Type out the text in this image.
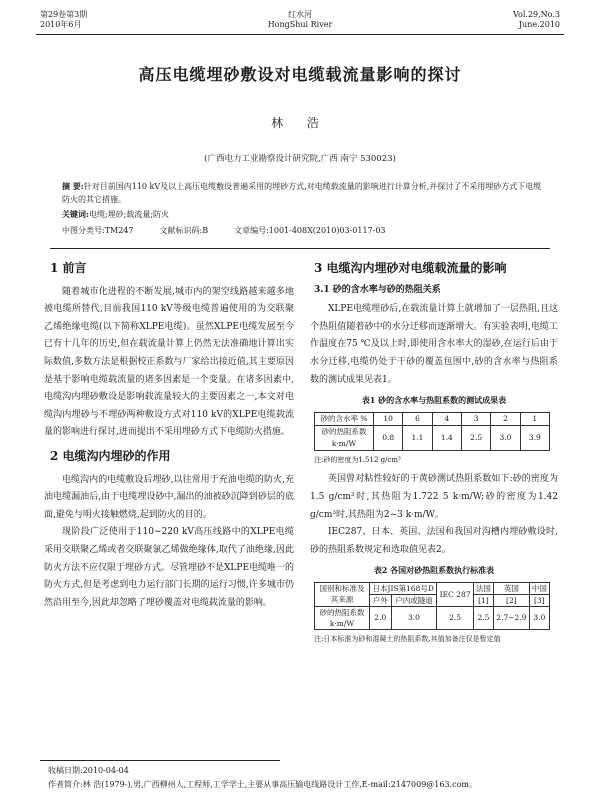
第29卷第3期
2010年6月
红水河
HongShui River
Vol.29,No.3
June.2010
高压电缆埋砂敷设对电缆载流量影响的探讨
林 浩
(广西电力工业勘察设计研究院,广西 南宁 530023)
摘 要:针对目前国内110 kV及以上高压电缆敷设普遍采用的埋砂方式,对电缆载流量的影响进行计算分析,并探讨了不采用埋砂方式下电缆防火的其它措施。
关键词:电缆;埋砂;载流量;防火
中图分类号:TM247	文献标识码:B	文章编号:1001-408X(2010)03-0117-03
1 前言

随着城市化进程的不断发展,城市内的架空线路越来越多地被电缆所替代,目前我国110 kV等级电缆普遍使用的为交联聚乙烯绝缘电缆(以下简称XLPE电缆)。虽然XLPE电缆发展至今已有十几年的历史,但在载流量计算上仍然无法准确地计算出实际数值,多数方法是根据校正系数与厂家给出接近值,其主要原因是基于影响电缆载流量的诸多因素是一个变量。在诸多因素中,电缆沟内埋砂敷设是影响载流量较大的主要因素之一,本文对电缆沟内埋砂与不埋砂两种敷设方式对110 kV的XLPE电缆载流量的影响进行探讨,进而提出不采用埋砂方式下电缆防火措施。

2 电缆沟内埋砂的作用

电缆沟内的电缆敷设后埋砂,以往常用于充油电缆的防火,充油电缆漏油后,由于电缆埋设砂中,漏出的油被砂沉降到砂层的底面,避免与明火接触燃烧,起到防火的目的。

现阶段广泛使用于110~220 kV高压线路中的XLPE电缆采用交联聚乙烯或者交联聚氯乙烯做绝缘体,取代了油绝缘,因此防火方法不应仅限于埋砂方式。尽管埋砂不是XLPE电缆唯一的防火方式,但是考虑到电力运行部门长期的运行习惯,许多城市仍然沿用至今,因此却忽略了埋砂覆盖对电缆载流量的影响。

3 电缆沟内埋砂对电缆载流量的影响
3.1 砂的含水率与砂的热阻关系

XLPE电缆埋砂后,在载流量计算上就增加了一层热阻,且这个热阻值随着砂中的水分迁移而逐渐增大。有实验表明,电缆工作温度在75 ℃及以上时,即使用含水率大的湿砂,在运行后由于水分迁移,电缆仍处于干砂的覆盖包围中,砂的含水率与热阻系数的测试成果见表1。

表1 砂的含水率与热阻系数的测试成果表
砂的含水率 %	10	6	4	3	2	1
砂的热阻系数 k·m/W	0.8	1.1	1.4	2.5	3.0	3.9
注:砂的密度为1.512 g/cm³

英国曾对粘性较好的干黄砂测试热阻系数如下:砂的密度为1.5 g/cm³时,其热阻为1.722 5 k·m/W;砂的密度为1.42 g/cm³时,其热阻为2~3 k·m/W。

IEC287、日本、英国、法国和我国对沟槽内埋砂敷设时,砂的热阻系数规定和选取值见表2。

表2 各国对砂热阻系数执行标准表
国别和标准及其来源	日本JIS第168号D		IEC 287	法国	英国	中国
	户外	户内或隧道		[1]	[2]	[3]
砂的热阻系数 k·m/W	2.0	3.0	2.5	2.5	2.7~2.9	3.0
注:日本标准为砂和混凝土的热阻系数,其值加备注仅是暂定值
收稿日期:2010-04-04
作者简介:林 浩(1979-),男,广西柳州人,工程师,工学学士,主要从事高压输电线路设计工作,E-mail:2147009@163.com。
